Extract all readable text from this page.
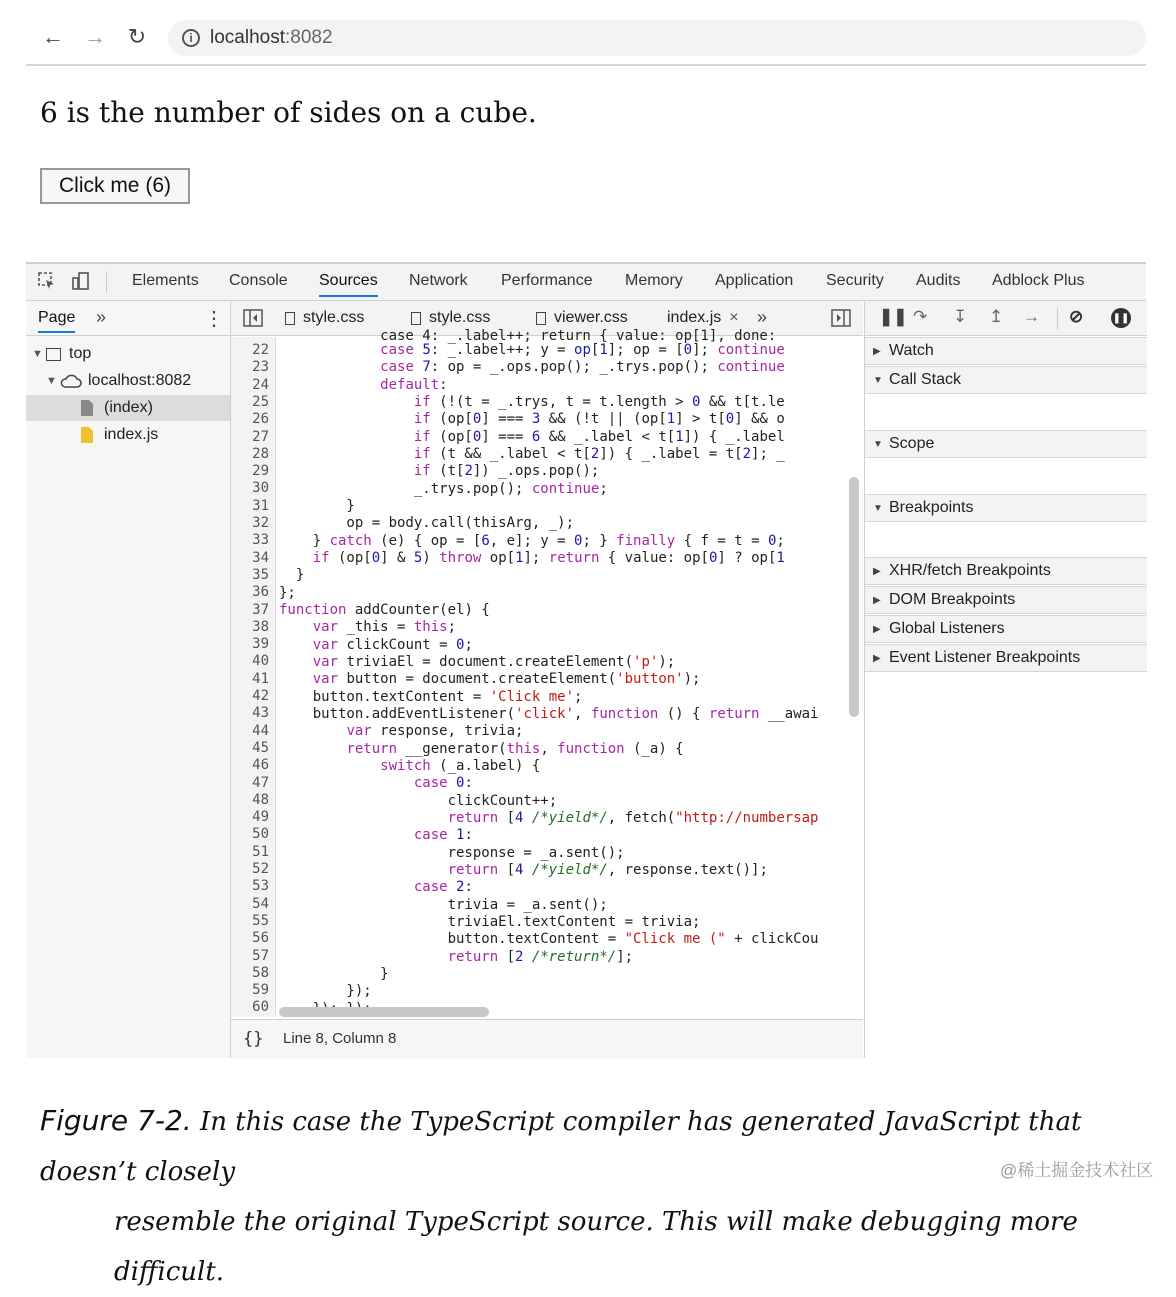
← → ↻	i localhost:8082
6 is the number of sides on a cube.
Click me (6)
Elements Console Sources Network Performance Memory Application Security Audits Adblock Plus
Page »	⋮
▼ top
▼ localhost:8082
(index)
index.js
style.css	style.css	viewer.css index.js × »
22
23
24
25
26
27
28
29
30
31
32
33
34
35
36
37
38
39
40
41
42
43
44
45
46
47
48
49
50
51
52
53
54
55
56
57
58
59
60
case 4: _.label++; return { value: op[1], done:
case 5: _.label++; y = op[1]; op = [0]; continue
case 7: op = _.ops.pop(); _.trys.pop(); continue
default:
if (!(t = _.trys, t = t.length > 0 && t[t.le
if (op[0] === 3 && (!t || (op[1] > t[0] && o
if (op[0] === 6 && _.label < t[1]) { _.label
if (t && _.label < t[2]) { _.label = t[2]; _
if (t[2]) _.ops.pop();
_.trys.pop(); continue;
}
op = body.call(thisArg, _);
} catch (e) { op = [6, e]; y = 0; } finally { f = t = 0;
if (op[0] & 5) throw op[1]; return { value: op[0] ? op[1
}
};
function addCounter(el) {
var _this = this;
var clickCount = 0;
var triviaEl = document.createElement('p');
var button = document.createElement('button');
button.textContent = 'Click me';
button.addEventListener('click', function () { return __awai
var response, trivia;
return __generator(this, function (_a) {
switch (_a.label) {
case 0:
clickCount++;
return [4 /*yield*/, fetch("http://numbersap
case 1:
response = _a.sent();
return [4 /*yield*/, response.text()];
case 2:
trivia = _a.sent();
triviaEl.textContent = trivia;
button.textContent = "Click me (" + clickCou
return [2 /*return*/];
}
});
{} Line 8, Column 8
❚❚ ↷ ↧ ↥ → ⊘	❚❚
▶ Watch
▼ Call Stack
▼ Scope
▼ Breakpoints
▶ XHR/fetch Breakpoints
▶ DOM Breakpoints
▶ Global Listeners
▶ Event Listener Breakpoints
Figure 7-2. In this case the TypeScript compiler has generated JavaScript that doesn’t closely
resemble the original TypeScript source. This will make debugging more difficult.
@稀土掘金技术社区
